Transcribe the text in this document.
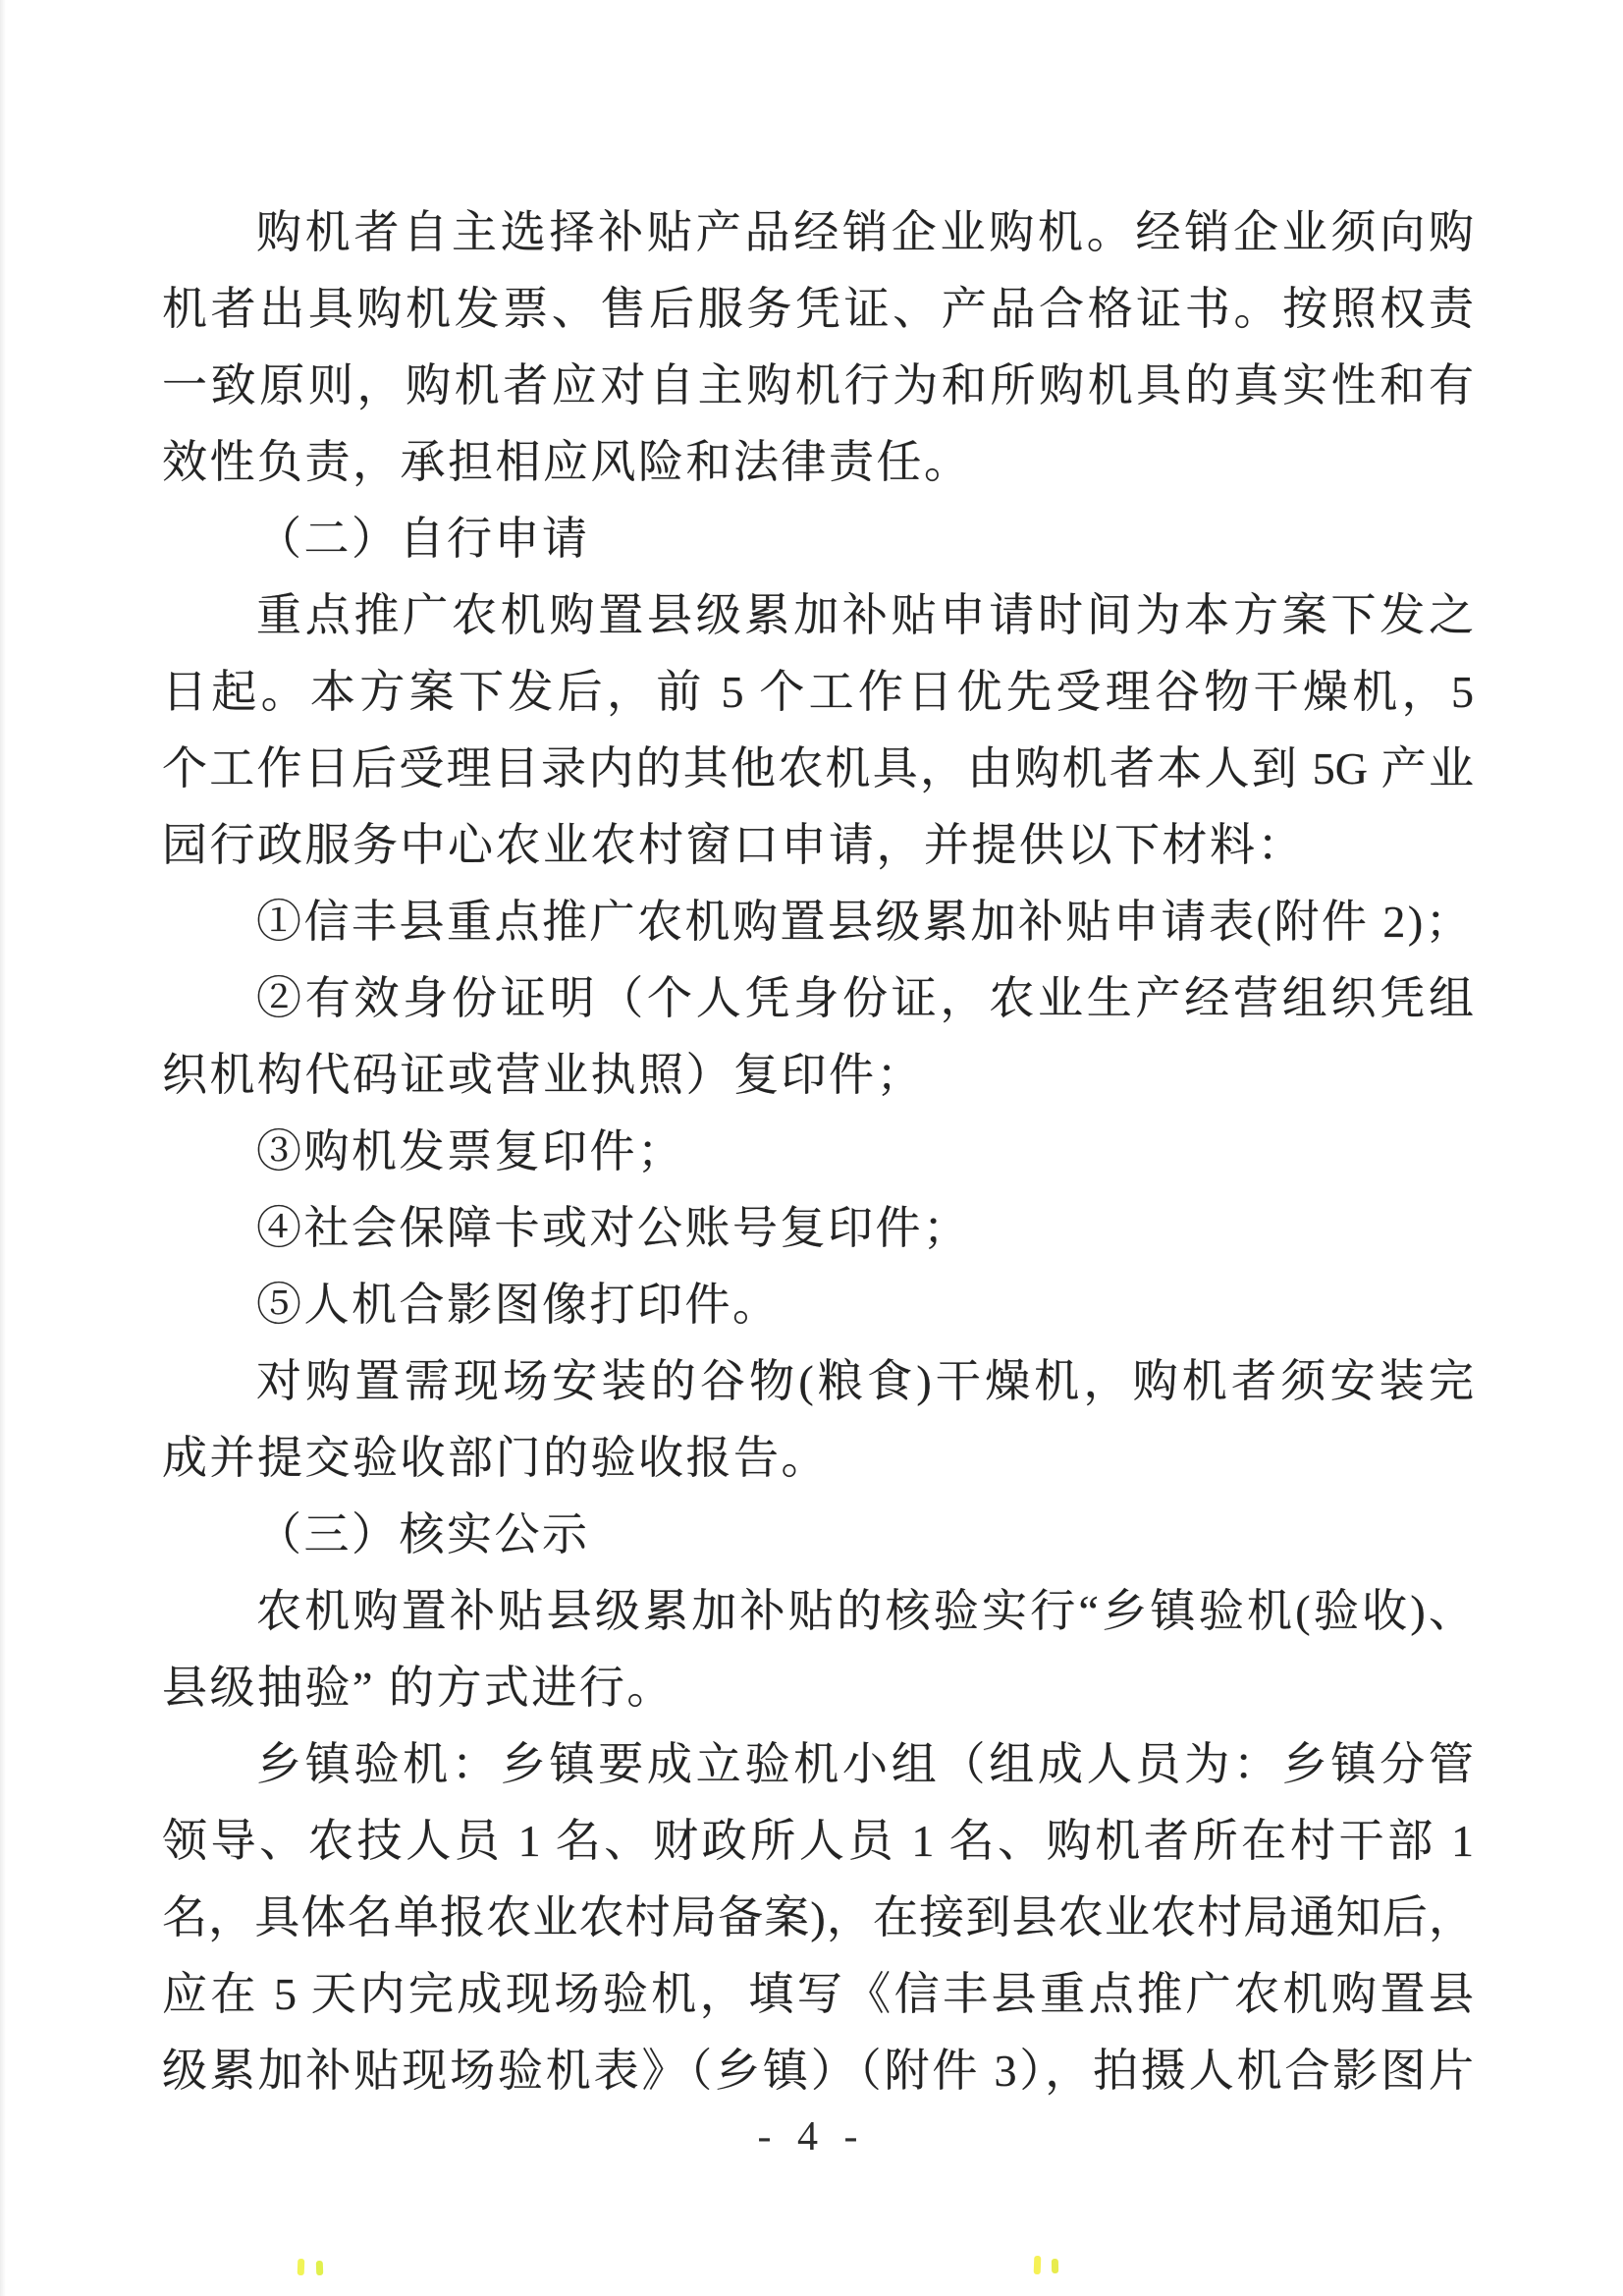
购机者自主选择补贴产品经销企业购机。经销企业须向购
机者出具购机发票、售后服务凭证、产品合格证书。按照权责
一致原则，购机者应对自主购机行为和所购机具的真实性和有
效性负责，承担相应风险和法律责任。
（二）自行申请
重点推广农机购置县级累加补贴申请时间为本方案下发之
日起。本方案下发后，前 5 个工作日优先受理谷物干燥机，5
个工作日后受理目录内的其他农机具，由购机者本人到 5G 产业
园行政服务中心农业农村窗口申请，并提供以下材料：
①信丰县重点推广农机购置县级累加补贴申请表(附件 2)；
②有效身份证明（个人凭身份证，农业生产经营组织凭组
织机构代码证或营业执照）复印件；
③购机发票复印件；
④社会保障卡或对公账号复印件；
⑤人机合影图像打印件。
对购置需现场安装的谷物(粮食)干燥机，购机者须安装完
成并提交验收部门的验收报告。
（三）核实公示
农机购置补贴县级累加补贴的核验实行“乡镇验机(验收)、
县级抽验” 的方式进行。
乡镇验机：乡镇要成立验机小组（组成人员为：乡镇分管
领导、农技人员 1 名、财政所人员 1 名、购机者所在村干部 1
名，具体名单报农业农村局备案)，在接到县农业农村局通知后，
应在 5 天内完成现场验机，填写《信丰县重点推广农机购置县
级累加补贴现场验机表》（乡镇）（附件 3），拍摄人机合影图片
- 4 -
